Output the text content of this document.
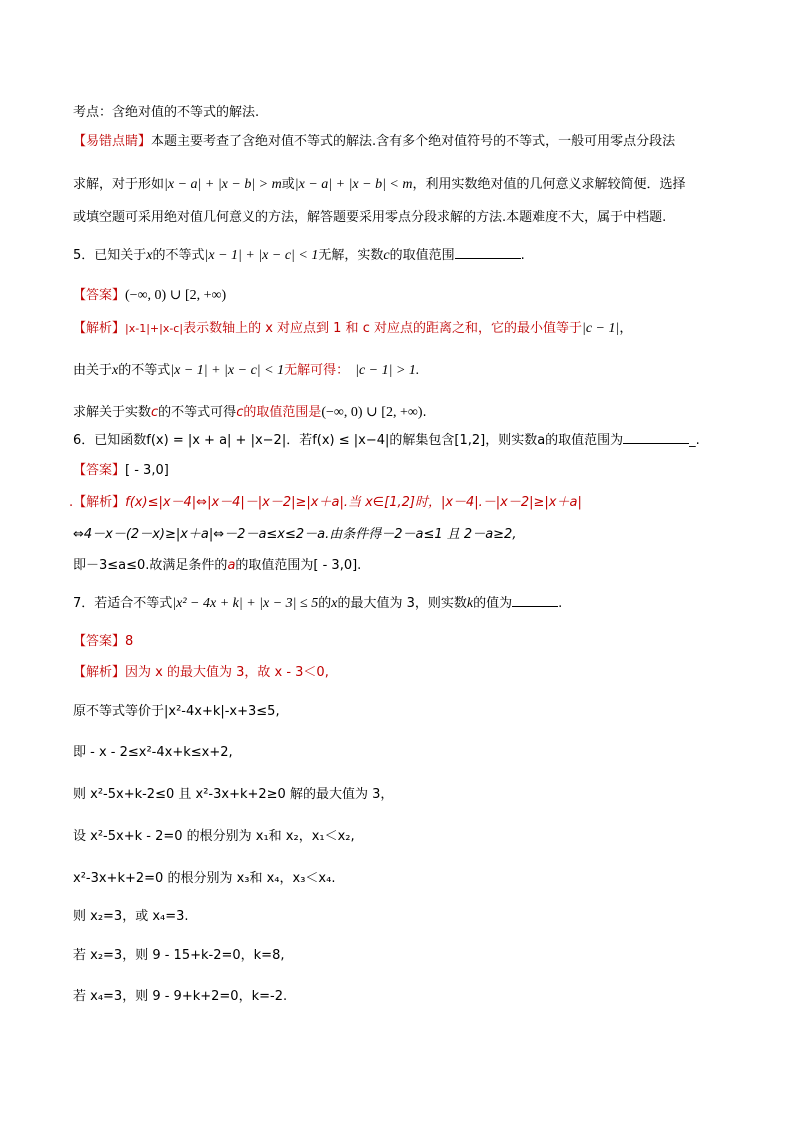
考点：含绝对值的不等式的解法.
【易错点睛】本题主要考查了含绝对值不等式的解法.含有多个绝对值符号的不等式，一般可用零点分段法
求解，对于形如|x − a| + |x − b| > m或|x − a| + |x − b| < m，利用实数绝对值的几何意义求解较简便．选择
或填空题可采用绝对值几何意义的方法，解答题要采用零点分段求解的方法.本题难度不大，属于中档题.
5．已知关于x的不等式|x − 1| + |x − c| < 1无解，实数c的取值范围	.
【答案】(−∞, 0) ∪ [2, +∞)
【解析】|x-1|+|x-c|表示数轴上的 x 对应点到 1 和 c 对应点的距离之和，它的最小值等于|c − 1|，
由关于x的不等式|x − 1| + |x − c| < 1无解可得： |c − 1| > 1.
求解关于实数c的不等式可得c的取值范围是(−∞, 0) ∪ [2, +∞).
6．已知函数f(x) = |x + a| + |x−2|．若f(x) ≤ |x−4|的解集包含[1,2]，则实数a的取值范围为	_.
【答案】[ - 3,0]
.【解析】f(x)≤|x－4|⇔|x－4|－|x－2|≥|x＋a|.当 x∈[1,2]时，|x－4|.－|x－2|≥|x＋a|
⇔4－x－(2－x)≥|x＋a|⇔－2－a≤x≤2－a.由条件得－2－a≤1 且 2－a≥2,
即－3≤a≤0.故满足条件的a的取值范围为[ - 3,0].
7．若适合不等式|x² − 4x + k| + |x − 3| ≤ 5的x的最大值为 3，则实数k的值为	.
【答案】8
【解析】因为 x 的最大值为 3，故 x - 3＜0,
原不等式等价于|x²-4x+k|-x+3≤5,
即 - x - 2≤x²-4x+k≤x+2,
则 x²-5x+k-2≤0 且 x²-3x+k+2≥0 解的最大值为 3，
设 x²-5x+k - 2=0 的根分别为 x₁和 x₂，x₁＜x₂,
x²-3x+k+2=0 的根分别为 x₃和 x₄，x₃＜x₄.
则 x₂=3，或 x₄=3.
若 x₂=3，则 9 - 15+k-2=0，k=8,
若 x₄=3，则 9 - 9+k+2=0，k=-2.
